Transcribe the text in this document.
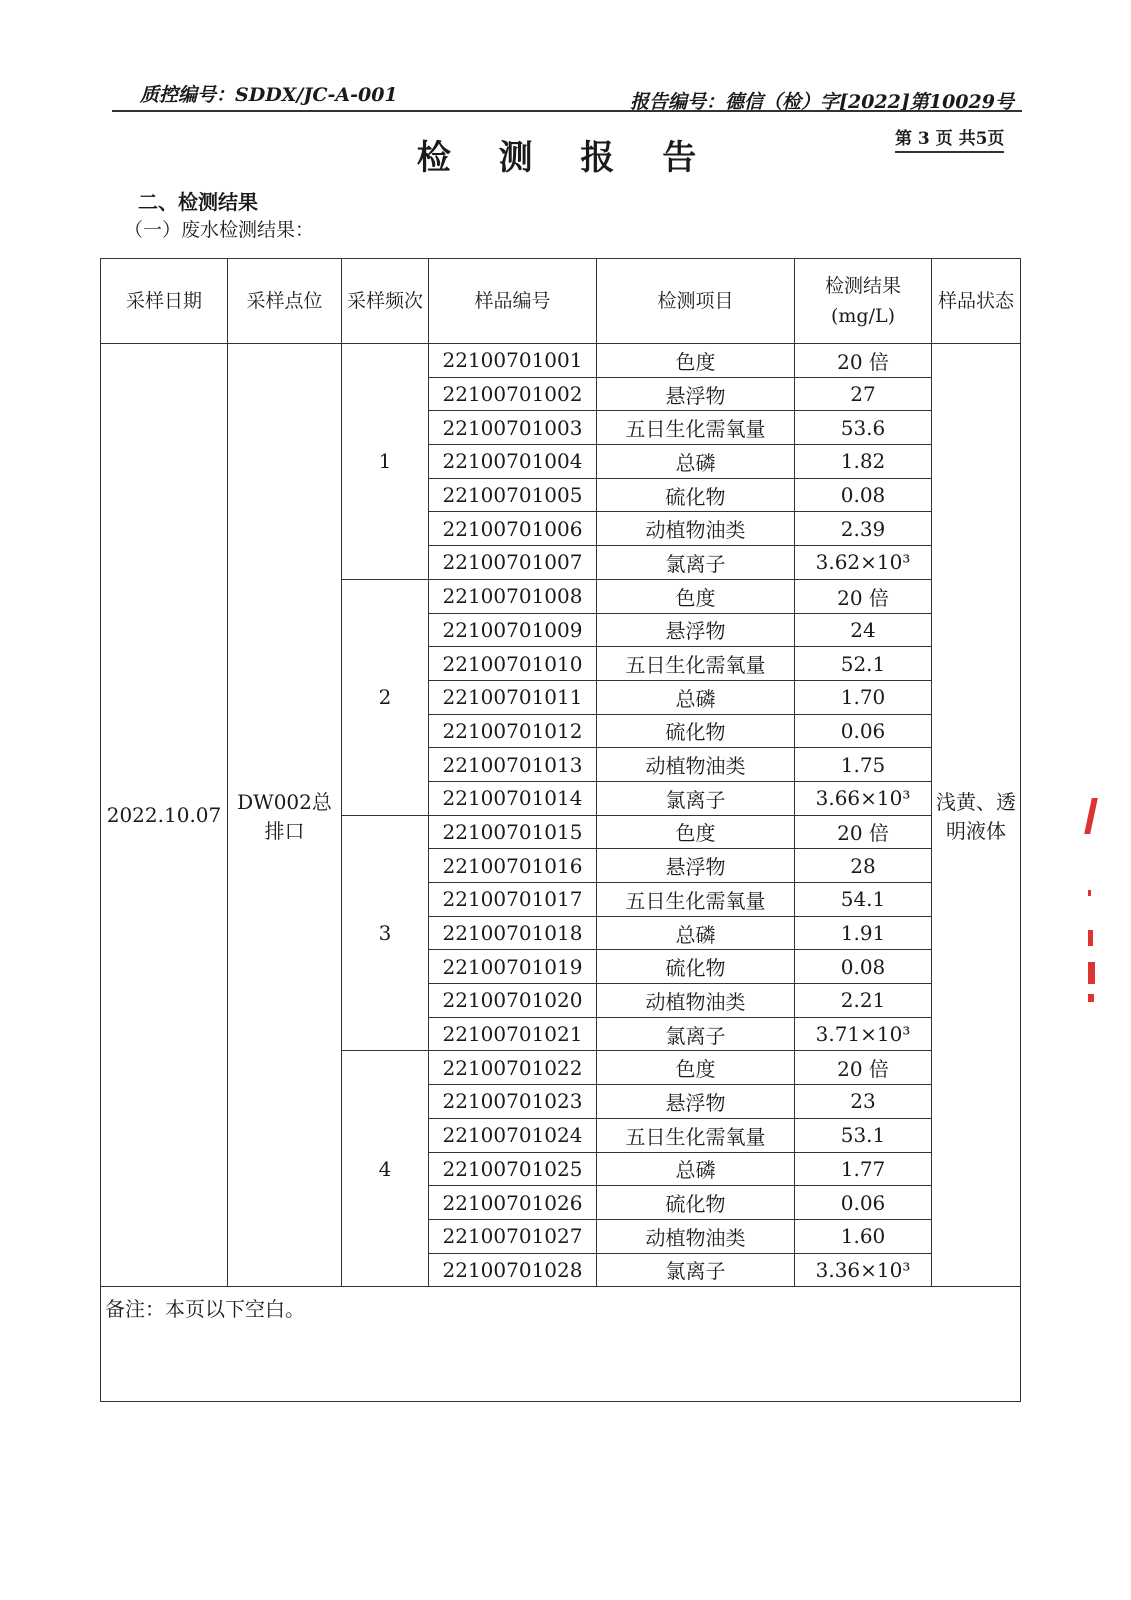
质控编号：SDDX/JC-A-001	报告编号：德信（检）字[2022]第10029号
检 测 报 告	第 3 页 共5页
二、检测结果
（一）废水检测结果：
采样日期	采样点位	采样频次	样品编号	检测项目	检测结果(mg/L)	样品状态
2022.10.07	DW002总排口	1	22100701001	色度	20 倍	浅黄、透明液体
			22100701002	悬浮物	27	
			22100701003	五日生化需氧量	53.6	
			22100701004	总磷	1.82	
			22100701005	硫化物	0.08	
			22100701006	动植物油类	2.39	
			22100701007	氯离子	3.62×10³	
		2	22100701008	色度	20 倍	
			22100701009	悬浮物	24	
			22100701010	五日生化需氧量	52.1	
			22100701011	总磷	1.70	
			22100701012	硫化物	0.06	
			22100701013	动植物油类	1.75	
			22100701014	氯离子	3.66×10³	
		3	22100701015	色度	20 倍	
			22100701016	悬浮物	28	
			22100701017	五日生化需氧量	54.1	
			22100701018	总磷	1.91	
			22100701019	硫化物	0.08	
			22100701020	动植物油类	2.21	
			22100701021	氯离子	3.71×10³	
		4	22100701022	色度	20 倍	
			22100701023	悬浮物	23	
			22100701024	五日生化需氧量	53.1	
			22100701025	总磷	1.77	
			22100701026	硫化物	0.06	
			22100701027	动植物油类	1.60	
			22100701028	氯离子	3.36×10³	
备注：本页以下空白。						
